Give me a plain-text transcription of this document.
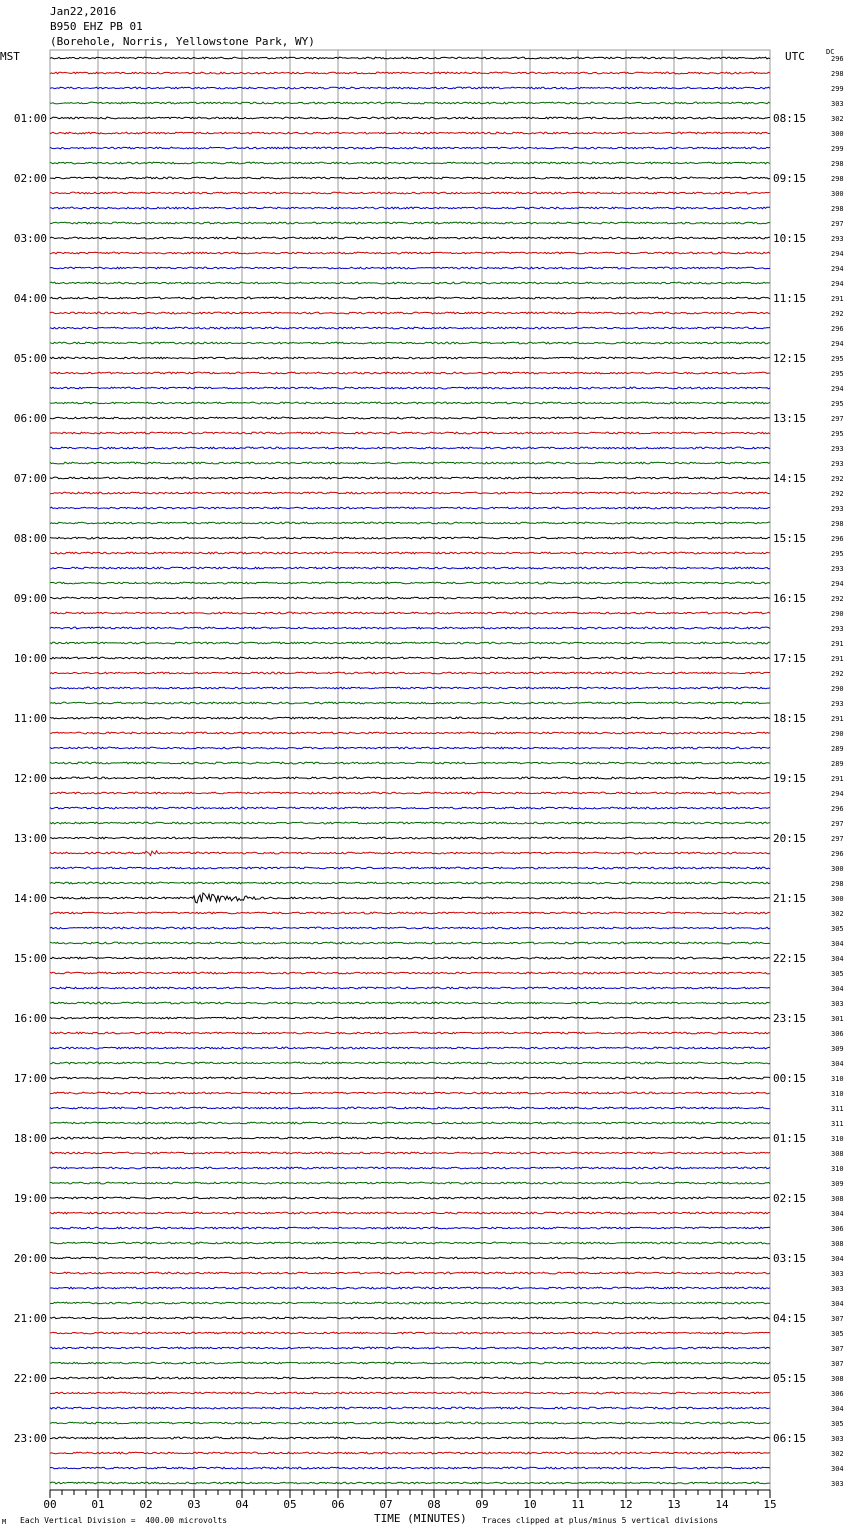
Jan22,2016
B950 EHZ PB 01
(Borehole, Norris, Yellowstone Park, WY)
MST	UTC	DC
296
298
299
303
302
300
299
298
298
300
298
297
293
294
294
294
291
292
296
294
295
295
294
295
297
295
293
293
292
292
293
298
296
295
293
294
292
290
293
291
291
292
290
293
291
290
289
289
291
294
296
297
297
296
300
298
300
302
305
304
304
305
304
303
301
306
309
304
310
310
311
311
310
308
310
309
308
304
306
308
304
303
303
304
307
305
307
307
308
306
304
305
303
302
304
303
01:00	08:15
02:00	09:15
03:00	10:15
04:00	11:15
05:00	12:15
06:00	13:15
07:00	14:15
08:00	15:15
09:00	16:15
10:00	17:15
11:00	18:15
12:00	19:15
13:00	20:15
14:00	21:15
15:00	22:15
16:00	23:15
17:00	00:15
18:00	01:15
19:00	02:15
20:00	03:15
21:00	04:15
22:00	05:15
23:00	06:15
00	01	02	03	04	05	06	07	08	09	10	11	12	13	14	15
M Each Vertical Division =  400.00 microvolts	TIME (MINUTES) Traces clipped at plus/minus 5 vertical divisions
